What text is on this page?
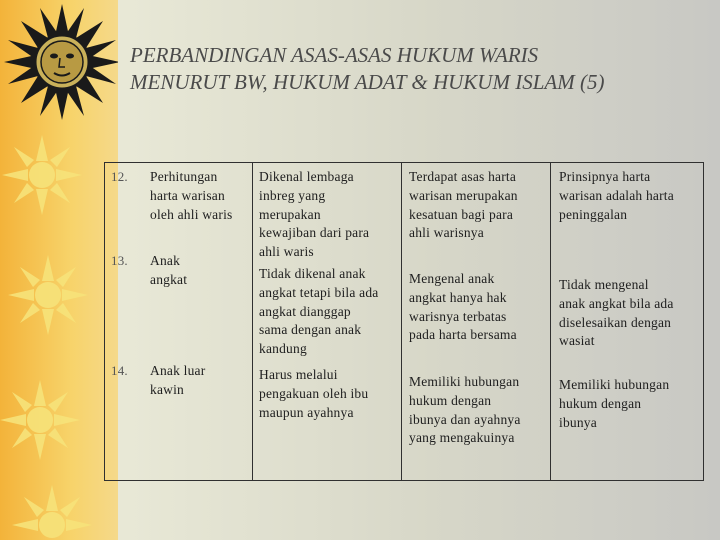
PERBANDINGAN ASAS-ASAS HUKUM WARIS
MENURUT BW, HUKUM ADAT & HUKUM ISLAM (5)
12. Perhitungan
harta warisan
oleh ahli waris
Dikenal lembaga
inbreg yang
merupakan
kewajiban dari para
ahli waris
Terdapat asas harta
warisan merupakan
kesatuan bagi para
ahli warisnya
Prinsipnya harta
warisan adalah harta
peninggalan
13. Anak
angkat	Tidak dikenal anak
angkat tetapi bila ada
angkat dianggap
sama dengan anak
kandung
Mengenal anak
angkat hanya hak
warisnya terbatas
pada harta bersama
Tidak mengenal
anak angkat bila ada
diselesaikan dengan
wasiat
14. Anak luar
kawin
Harus melalui
pengakuan oleh ibu
maupun ayahnya
Memiliki hubungan
hukum dengan
ibunya dan ayahnya
yang mengakuinya
Memiliki hubungan
hukum dengan
ibunya
